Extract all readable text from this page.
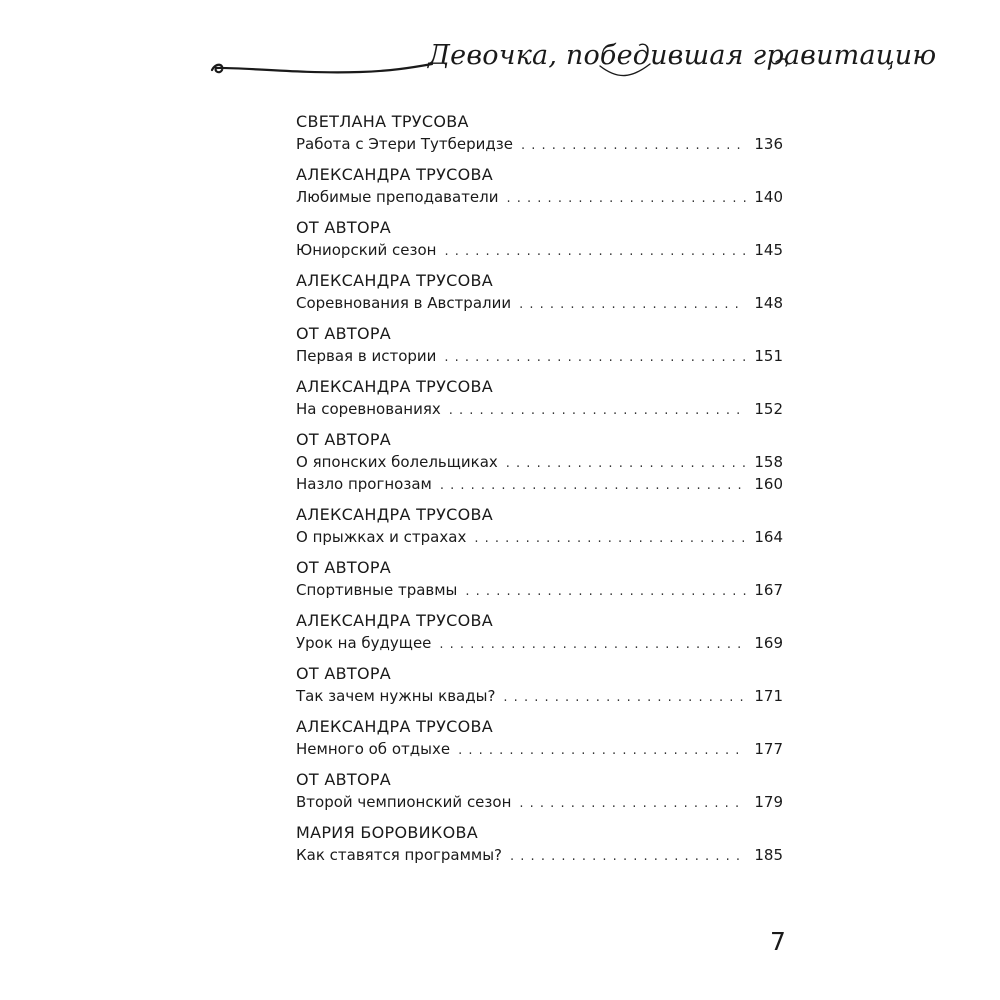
Девочка, победившая гравитацию
СВЕТЛАНА ТРУСОВА
Работа с Этери Тутберидзе . . .	136
АЛЕКСАНДРА ТРУСОВА
Любимые преподаватели . . .	140
ОТ АВТОРА
Юниорский сезон . . .	145
АЛЕКСАНДРА ТРУСОВА
Соревнования в Австралии . . .	148
ОТ АВТОРА
Первая в истории . . .	151
АЛЕКСАНДРА ТРУСОВА
На соревнованиях . . .	152
ОТ АВТОРА
О японских болельщиках . . .	158
Назло прогнозам . . .	160
АЛЕКСАНДРА ТРУСОВА
О прыжках и страхах . . .	164
ОТ АВТОРА
Спортивные травмы . . .	167
АЛЕКСАНДРА ТРУСОВА
Урок на будущее . . .	169
ОТ АВТОРА
Так зачем нужны квады? . . .	171
АЛЕКСАНДРА ТРУСОВА
Немного об отдыхе . . .	177
ОТ АВТОРА
Второй чемпионский сезон . . .	179
МАРИЯ БОРОВИКОВА
Как ставятся программы? . . .	185
7
